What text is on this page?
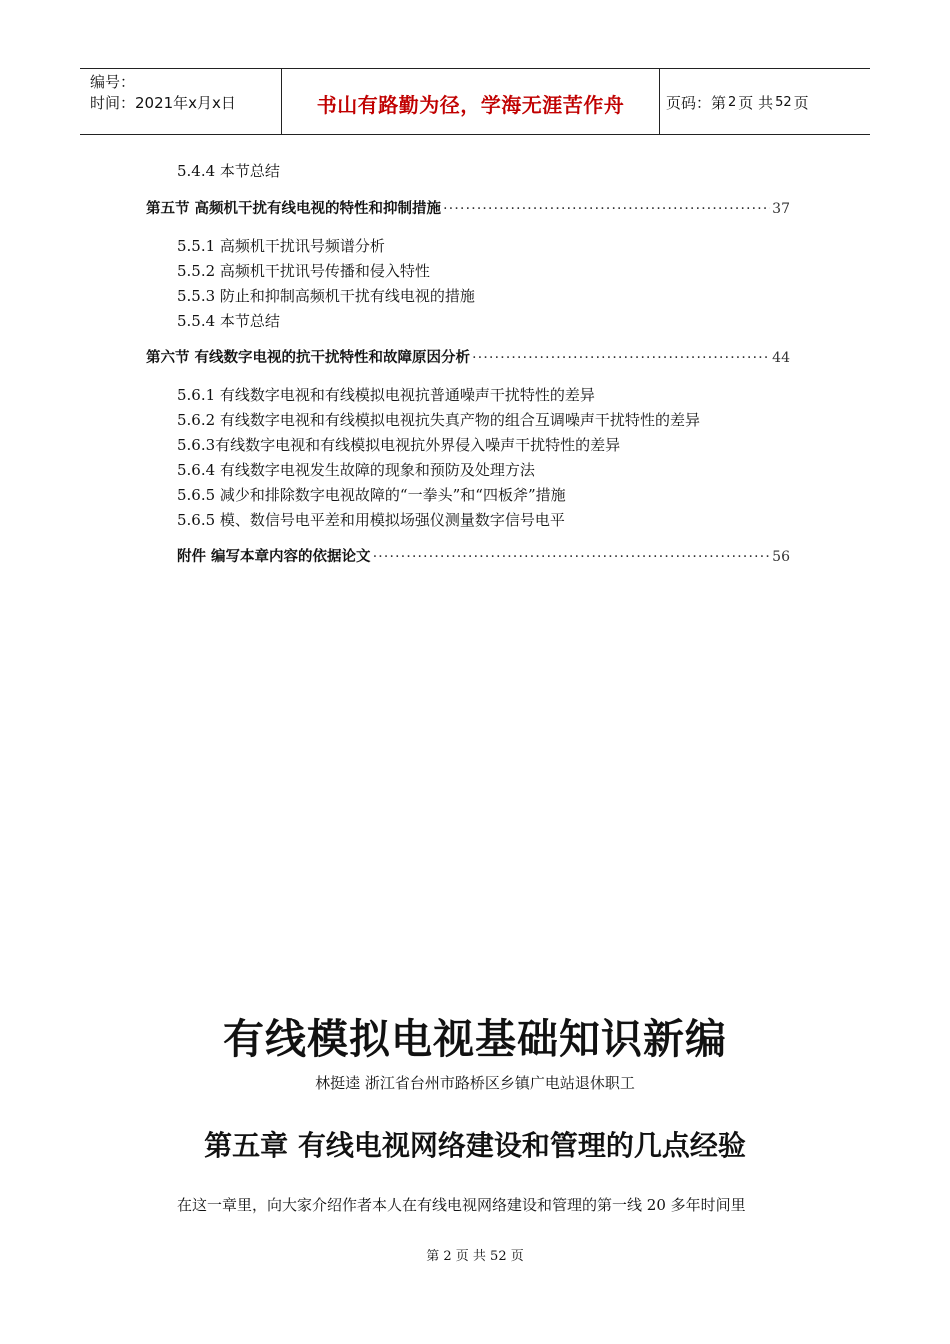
编号：
时间：2021年x月x日	书山有路勤为径，学海无涯苦作舟	页码：第 2 页 共 52 页
5.4.4 本节总结
第五节 高频机干扰有线电视的特性和抑制措施 ·····	37
5.5.1 高频机干扰讯号频谱分析
5.5.2 高频机干扰讯号传播和侵入特性
5.5.3 防止和抑制高频机干扰有线电视的措施
5.5.4 本节总结
第六节 有线数字电视的抗干扰特性和故障原因分析 ·····	44
5.6.1 有线数字电视和有线模拟电视抗普通噪声干扰特性的差异
5.6.2 有线数字电视和有线模拟电视抗失真产物的组合互调噪声干扰特性的差异
5.6.3有线数字电视和有线模拟电视抗外界侵入噪声干扰特性的差异
5.6.4 有线数字电视发生故障的现象和预防及处理方法
5.6.5 减少和排除数字电视故障的“一拳头”和“四板斧”措施
5.6.5 模、数信号电平差和用模拟场强仪测量数字信号电平
附件 编写本章内容的依据论文 ·····	56
有线模拟电视基础知识新编
林挺逵 浙江省台州市路桥区乡镇广电站退休职工
第五章 有线电视网络建设和管理的几点经验
在这一章里，向大家介绍作者本人在有线电视网络建设和管理的第一线 20 多年时间里
第 2 页 共 52 页
